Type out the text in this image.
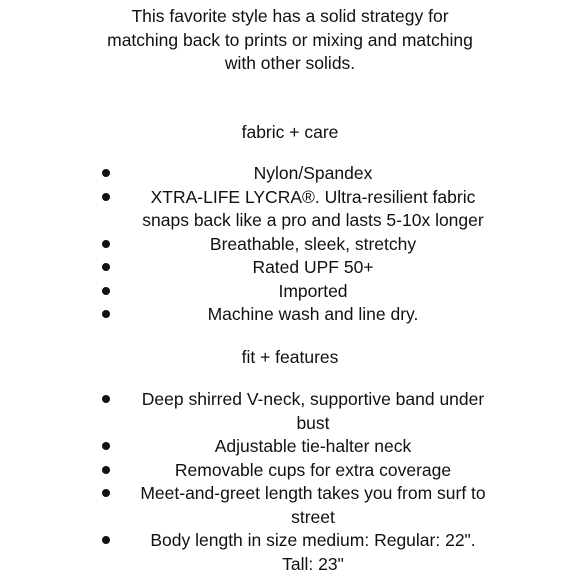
This favorite style has a solid strategy for
matching back to prints or mixing and matching
with other solids.

fabric + care

Nylon/Spandex
XTRA-LIFE LYCRA®. Ultra-resilient fabric
snaps back like a pro and lasts 5-10x longer
Breathable, sleek, stretchy
Rated UPF 50+
Imported
Machine wash and line dry.

fit + features

Deep shirred V-neck, supportive band under
bust
Adjustable tie-halter neck
Removable cups for extra coverage
Meet-and-greet length takes you from surf to
street
Body length in size medium: Regular: 22".
Tall: 23"
